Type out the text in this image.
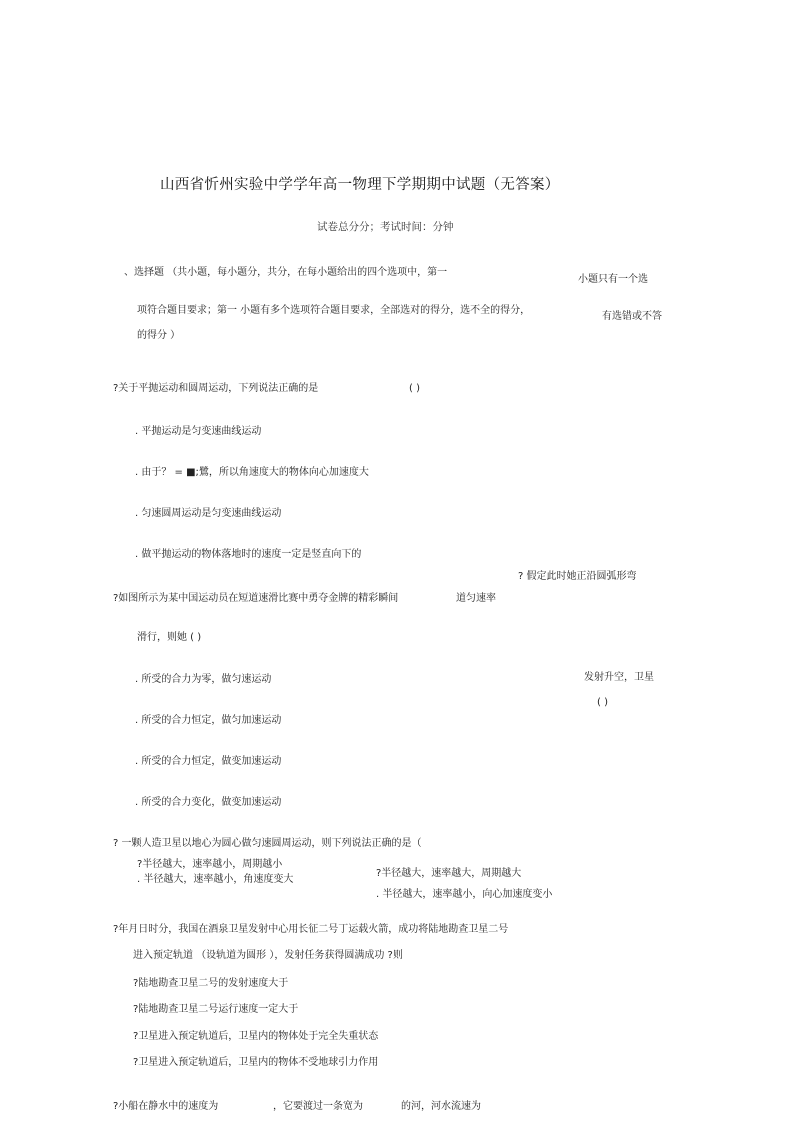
山西省忻州实验中学学年高一物理下学期期中试题（无答案）
试卷总分分；考试时间：分钟
、选择题 （共小题，每小题分，共分，在每小题给出的四个选项中，第一
小题只有一个选
项符合题目要求；第一 小题有多个选项符合题目要求，全部选对的得分，选不全的得分，
有选错或不答
的得分 ）
?关于平抛运动和圆周运动，下列说法正确的是	( )
. 平抛运动是匀变速曲线运动
. 由于？ = ■;鷺，所以角速度大的物体向心加速度大
. 匀速圆周运动是匀变速曲线运动
. 做平抛运动的物体落地时的速度一定是竖直向下的
? 假定此时她正沿圆弧形弯
?如图所示为某中国运动员在短道速滑比赛中勇夺金牌的精彩瞬间	道匀速率
滑行，则她 ( )
发射升空，卫星
( )
. 所受的合力为零，做匀速运动
. 所受的合力恒定，做匀加速运动
. 所受的合力恒定，做变加速运动
. 所受的合力变化，做变加速运动
? 一颗人造卫星以地心为圆心做匀速圆周运动，则下列说法正确的是（
?半径越大，速率越小，周期越小
. 半径越大，速率越小，角速度变大
?半径越大，速率越大，周期越大
. 半径越大，速率越小，向心加速度变小
?年月日时分，我国在酒泉卫星发射中心用长征二号丁运载火箭，成功将陆地勘查卫星二号
进入预定轨道 （设轨道为圆形 ），发射任务获得圆满成功 ?则
?陆地勘查卫星二号的发射速度大于
?陆地勘查卫星二号运行速度一定大于
?卫星进入预定轨道后，卫星内的物体处于完全失重状态
?卫星进入预定轨道后，卫星内的物体不受地球引力作用
?小船在静水中的速度为	，它要渡过一条宽为	的河，河水流速为
